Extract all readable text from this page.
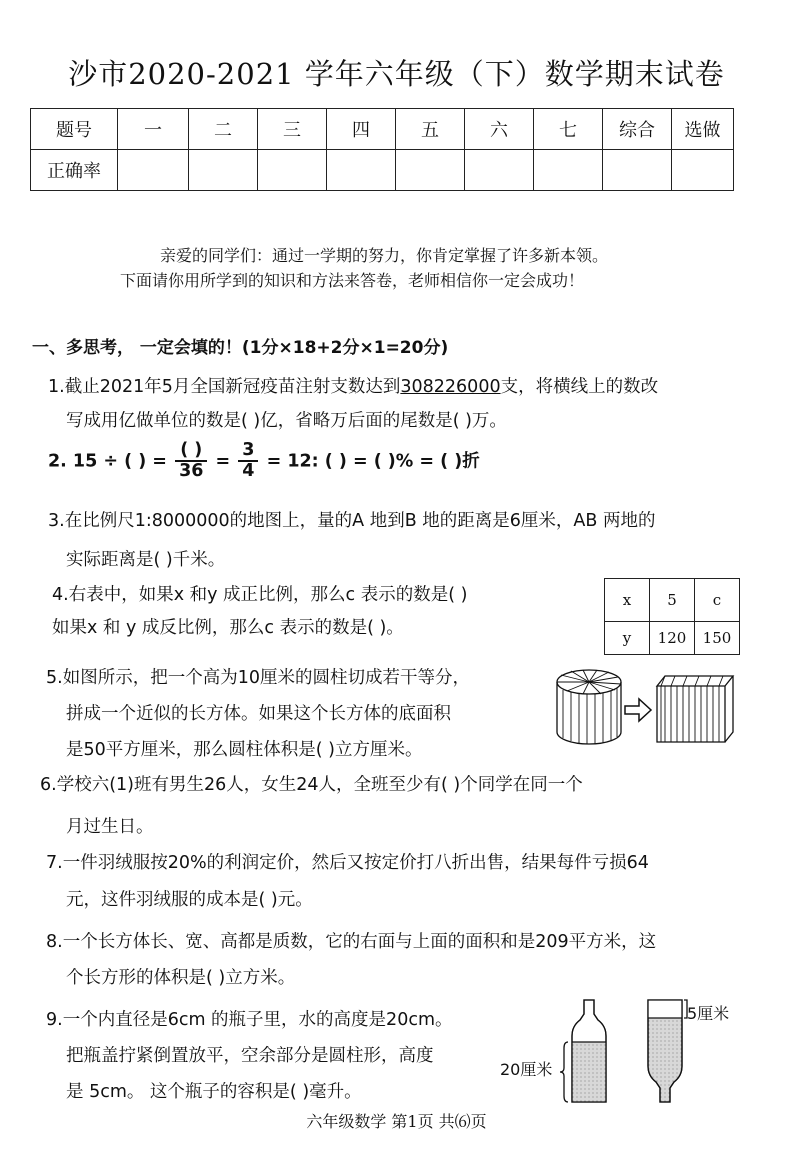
沙市2020-2021 学年六年级（下）数学期末试卷
题号	一	二	三	四	五	六	七	综合	选做
正确率									
亲爱的同学们：通过一学期的努力，你肯定掌握了许多新本领。
下面请你用所学到的知识和方法来答卷，老师相信你一定会成功！
一、多思考， 一定会填的！(1分×18+2分×1=20分)
1.截止2021年5月全国新冠疫苗注射支数达到308226000支，将横线上的数改
写成用亿做单位的数是( )亿，省略万后面的尾数是( )万。
2. 15 ÷ ( ) = $\frac{( )}{36} = \frac{3}{4} = 12$: ( ) = ( )% = ( )折
3.在比例尺1:8000000的地图上，量的A 地到B 地的距离是6厘米，AB 两地的
实际距离是( )千米。
4.右表中，如果x 和y 成正比例，那么c 表示的数是( )
如果x 和 y 成反比例，那么c 表示的数是( )。
x	5	c
y	120	150
5.如图所示，把一个高为10厘米的圆柱切成若干等分，
拼成一个近似的长方体。如果这个长方体的底面积
是50平方厘米，那么圆柱体积是( )立方厘米。
6.学校六(1)班有男生26人，女生24人，全班至少有( )个同学在同一个
月过生日。
7.一件羽绒服按20%的利润定价，然后又按定价打八折出售，结果每件亏损64
元，这件羽绒服的成本是( )元。
8.一个长方体长、宽、高都是质数，它的右面与上面的面积和是209平方米，这
个长方形的体积是( )立方米。
9.一个内直径是6cm 的瓶子里，水的高度是20cm。
把瓶盖拧紧倒置放平，空余部分是圆柱形，高度
是 5cm。 这个瓶子的容积是( )毫升。
20厘米
5厘米
六年级数学 第1页 共⑹页
